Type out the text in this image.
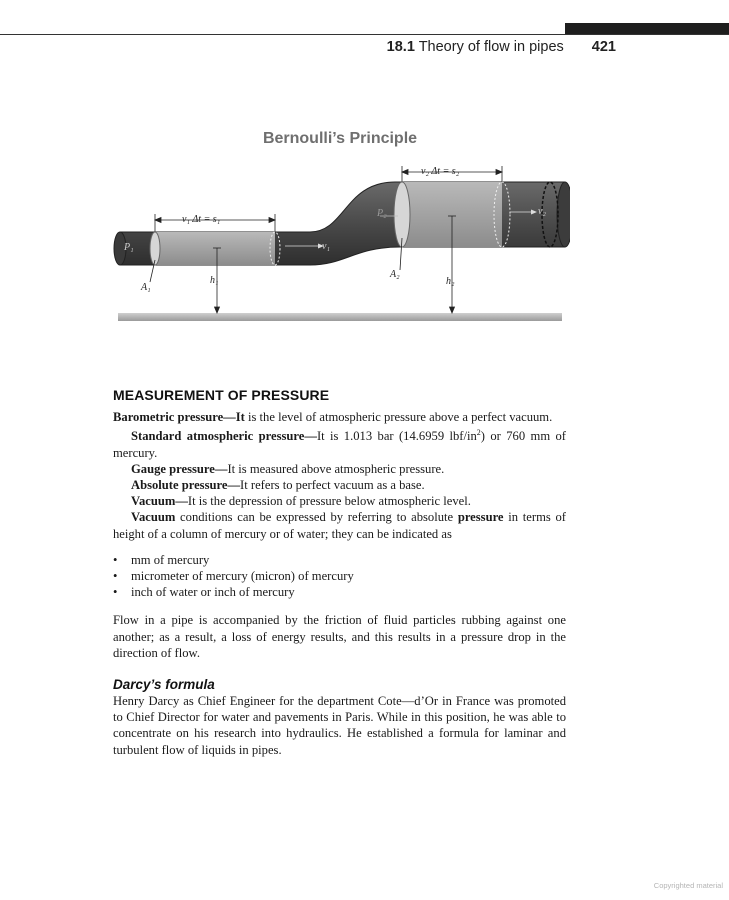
18.1 Theory of flow in pipes 421
Bernoulli’s Principle
v₁ Δt = s₁
v₂ Δt = s₂
P₁
P₂
v₁
v₂
A₁
A₂
h₁	h₂
MEASUREMENT OF PRESSURE

Barometric pressure—It is the level of atmospheric pressure above a perfect vacuum.

Standard atmospheric pressure—It is 1.013 bar (14.6959 lbf/$in^2$) or 760 mm of mercury.

Gauge pressure—It is measured above atmospheric pressure.

Absolute pressure—It refers to perfect vacuum as a base.

Vacuum—It is the depression of pressure below atmospheric level.

Vacuum conditions can be expressed by referring to absolute pressure in terms of height of a column of mercury or of water; they can be indicated as

• mm of mercury
• micrometer of mercury (micron) of mercury
• inch of water or inch of mercury

Flow in a pipe is accompanied by the friction of fluid particles rubbing against one another; as a result, a loss of energy results, and this results in a pressure drop in the direction of flow.

Darcy’s formula

Henry Darcy as Chief Engineer for the department Cote—d’Or in France was promoted to Chief Director for water and pavements in Paris. While in this position, he was able to concentrate on his research into hydraulics. He established a formula for laminar and turbulent flow of liquids in pipes.

Copyrighted material
